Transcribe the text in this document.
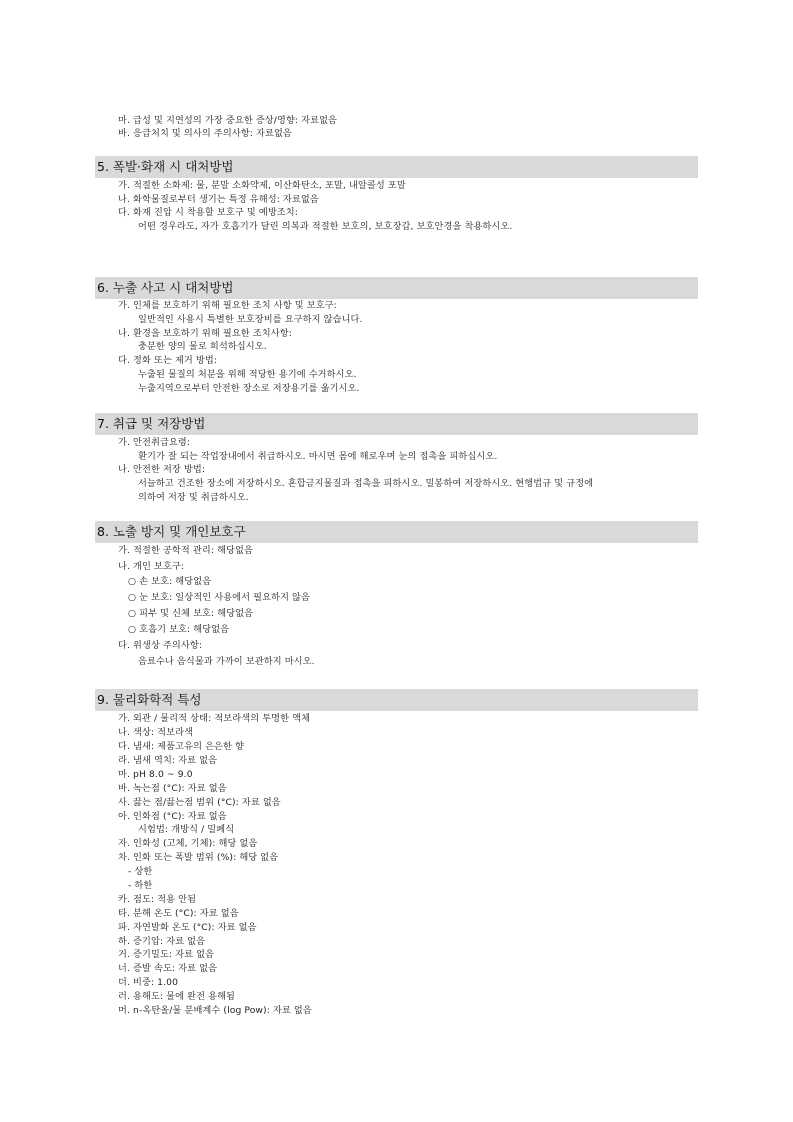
마. 급성 및 지연성의 가장 중요한 증상/영향: 자료없음
바. 응급처치 및 의사의 주의사항: 자료없음
5. 폭발·화재 시 대처방법
가. 적절한 소화제: 물, 분말 소화약제, 이산화탄소, 포말, 내알콜성 포말
나. 화학물질로부터 생기는 특정 유해성: 자료없음
다. 화재 진압 시 착용할 보호구 및 예방조치:
어떤 경우라도, 자가 호흡기가 달린 의복과 적절한 보호의, 보호장갑, 보호안경을 착용하시오.
6. 누출 사고 시 대처방법
가. 인체를 보호하기 위해 필요한 조치 사항 및 보호구:
일반적인 사용시 특별한 보호장비를 요구하지 않습니다.
나. 환경을 보호하기 위해 필요한 조치사항:
충분한 양의 물로 희석하십시오.
다. 정화 또는 제거 방법:
누출된 물질의 처분을 위해 적당한 용기에 수거하시오.
누출지역으로부터 안전한 장소로 저장용기를 옮기시오.
7. 취급 및 저장방법
가. 안전취급요령:
환기가 잘 되는 작업장내에서 취급하시오. 마시면 몸에 해로우며 눈의 접촉을 피하십시오.
나. 안전한 저장 방법:
서늘하고 건조한 장소에 저장하시오. 혼합금지물질과 접촉을 피하시오. 밀봉하여 저장하시오. 현행법규 및 규정에
의하여 저장 및 취급하시오.
8. 노출 방지 및 개인보호구
가. 적절한 공학적 관리: 해당없음
나. 개인 보호구:
○ 손 보호: 해당없음
○ 눈 보호: 일상적인 사용에서 필요하지 않음
○ 피부 및 신체 보호: 해당없음
○ 호흡기 보호: 해당없음
다. 위생상 주의사항:
음료수나 음식물과 가까이 보관하지 마시오.
9. 물리화학적 특성
가. 외관 / 물리적 상태: 적보라색의 투명한 액체
나. 색상: 적보라색
다. 냄새: 제품고유의 은은한 향
라. 냄새 역치: 자료 없음
마. pH 8.0 ~ 9.0
바. 녹는점 (°C): 자료 없음
사. 끓는 점/끓는점 범위 (°C): 자료 없음
아. 인화점 (°C): 자료 없음
시험법: 개방식 / 밀폐식
자. 인화성 (고체, 기체): 해당 없음
차. 인화 또는 폭발 범위 (%): 해당 없음
- 상한
- 하한
카. 점도: 적용 안됨
타. 분해 온도 (°C): 자료 없음
파. 자연발화 온도 (°C): 자료 없음
하. 증기압: 자료 없음
거. 증기밀도: 자료 없음
너. 증발 속도: 자료 없음
더. 비중: 1.00
러. 용해도: 물에 완전 용해됨
머. n-옥탄올/물 분배계수 (log Pow): 자료 없음
